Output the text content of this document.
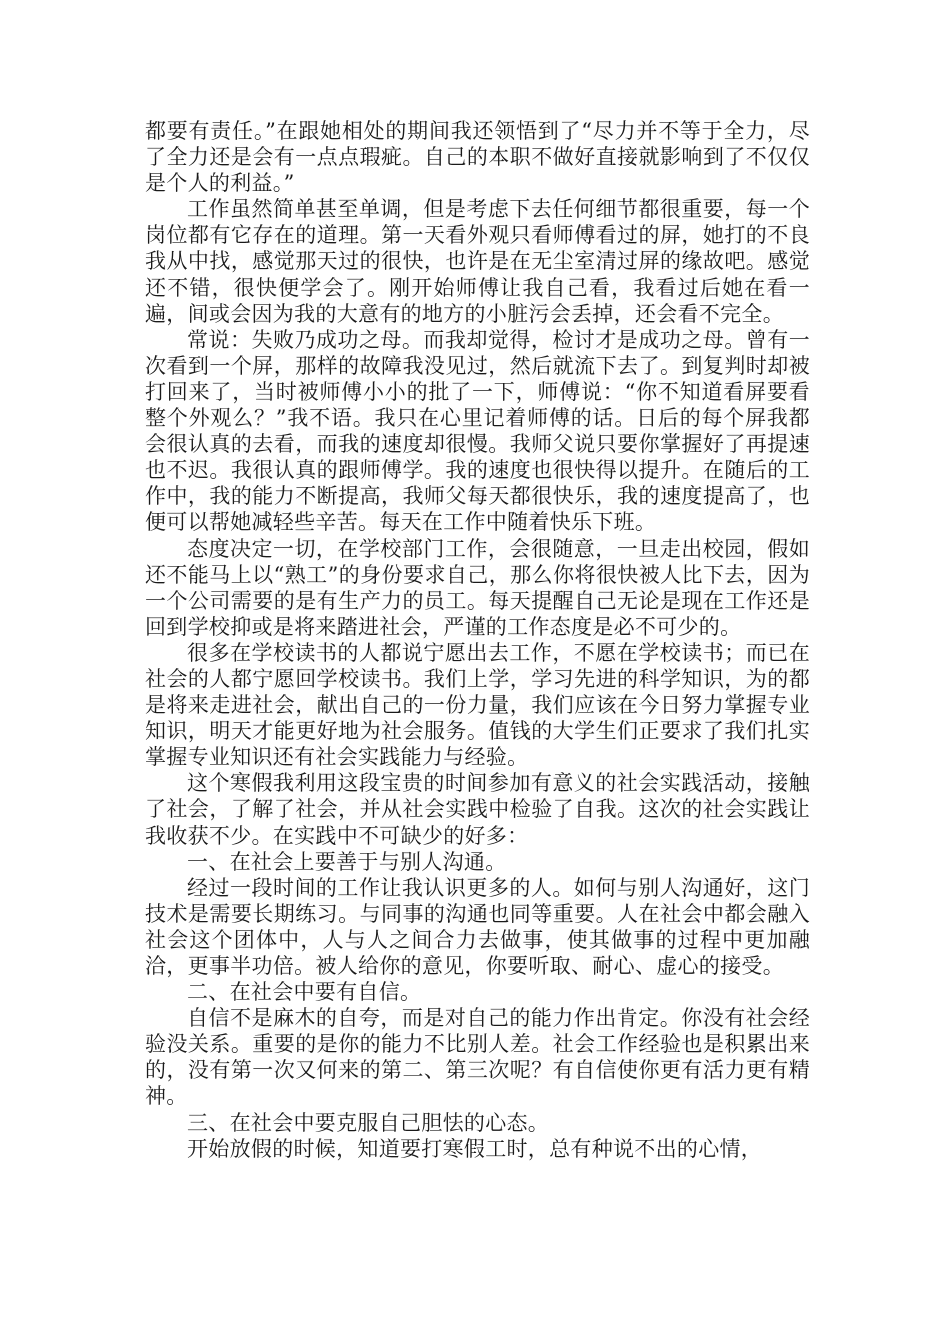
都要有责任。”在跟她相处的期间我还领悟到了“尽力并不等于全力，尽了全力还是会有一点点瑕疵。自己的本职不做好直接就影响到了不仅仅是个人的利益。”

工作虽然简单甚至单调，但是考虑下去任何细节都很重要，每一个岗位都有它存在的道理。第一天看外观只看师傅看过的屏，她打的不良我从中找，感觉那天过的很快，也许是在无尘室清过屏的缘故吧。感觉还不错，很快便学会了。刚开始师傅让我自己看，我看过后她在看一遍，间或会因为我的大意有的地方的小脏污会丢掉，还会看不完全。

常说：失败乃成功之母。而我却觉得，检讨才是成功之母。曾有一次看到一个屏，那样的故障我没见过，然后就流下去了。到复判时却被打回来了，当时被师傅小小的批了一下，师傅说：“你不知道看屏要看整个外观么？”我不语。我只在心里记着师傅的话。日后的每个屏我都会很认真的去看，而我的速度却很慢。我师父说只要你掌握好了再提速也不迟。我很认真的跟师傅学。我的速度也很快得以提升。在随后的工作中，我的能力不断提高，我师父每天都很快乐，我的速度提高了，也便可以帮她减轻些辛苦。每天在工作中随着快乐下班。

态度决定一切，在学校部门工作，会很随意，一旦走出校园，假如还不能马上以“熟工”的身份要求自己，那么你将很快被人比下去，因为一个公司需要的是有生产力的员工。每天提醒自己无论是现在工作还是回到学校抑或是将来踏进社会，严谨的工作态度是必不可少的。

很多在学校读书的人都说宁愿出去工作，不愿在学校读书；而已在社会的人都宁愿回学校读书。我们上学，学习先进的科学知识，为的都是将来走进社会，献出自己的一份力量，我们应该在今日努力掌握专业知识，明天才能更好地为社会服务。值钱的大学生们正要求了我们扎实掌握专业知识还有社会实践能力与经验。

这个寒假我利用这段宝贵的时间参加有意义的社会实践活动，接触了社会，了解了社会，并从社会实践中检验了自我。这次的社会实践让我收获不少。在实践中不可缺少的好多：

一、在社会上要善于与别人沟通。

经过一段时间的工作让我认识更多的人。如何与别人沟通好，这门技术是需要长期练习。与同事的沟通也同等重要。人在社会中都会融入社会这个团体中，人与人之间合力去做事，使其做事的过程中更加融洽，更事半功倍。被人给你的意见，你要听取、耐心、虚心的接受。

二、在社会中要有自信。

自信不是麻木的自夸，而是对自己的能力作出肯定。你没有社会经验没关系。重要的是你的能力不比别人差。社会工作经验也是积累出来的，没有第一次又何来的第二、第三次呢？有自信使你更有活力更有精神。

三、在社会中要克服自己胆怯的心态。

开始放假的时候，知道要打寒假工时，总有种说不出的心情，
